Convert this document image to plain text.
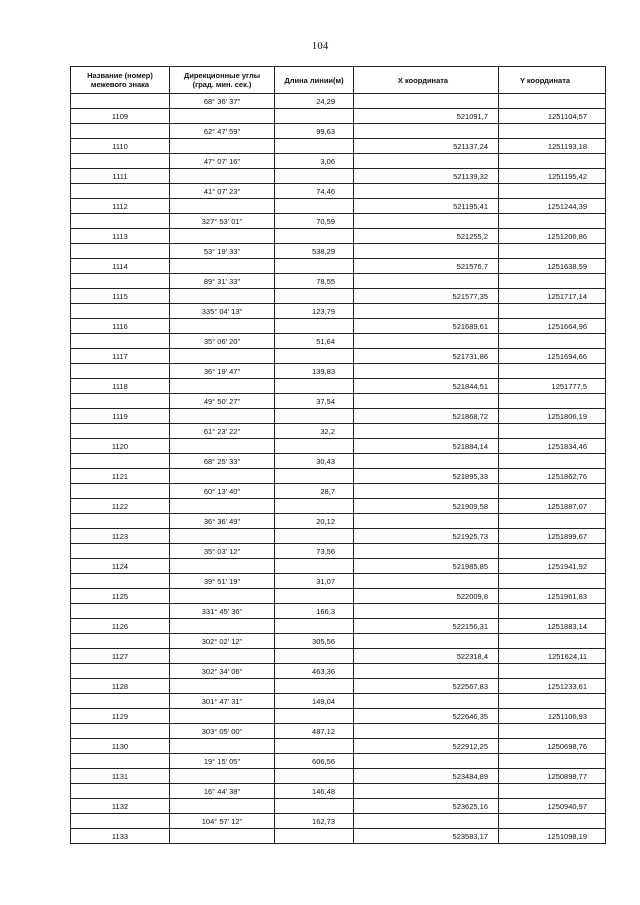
104
Название (номер) межевого знака	Дирекционные углы (град. мин. сек.)	Длина линии(м)	X координата	Y координата
	68° 36' 37"	24,29		
1109			521091,7	1251104,57
	62° 47' 59"	99,63		
1110			521137,24	1251193,18
	47° 07' 16"	3,06		
1111			521139,32	1251195,42
	41° 07' 23"	74,46		
1112			521195,41	1251244,39
	327° 53' 01"	70,59		
1113			521255,2	1251206,86
	53° 19' 33"	538,29		
1114			521576,7	1251638,59
	89° 31' 33"	78,55		
1115			521577,35	1251717,14
	335° 04' 13"	123,79		
1116			521689,61	1251664,96
	35° 06' 20"	51,64		
1117			521731,86	1251694,66
	36° 19' 47"	139,83		
1118			521844,51	1251777,5
	49° 50' 27"	37,54		
1119			521868,72	1251806,19
	61° 23' 22"	32,2		
1120			521884,14	1251834,46
	68° 25' 33"	30,43		
1121			521895,33	1251862,76
	60° 13' 40"	28,7		
1122			521909,58	1251887,07
	36° 36' 49"	20,12		
1123			521925,73	1251899,67
	35° 03' 12"	73,56		
1124			521985,85	1251941,92
	39° 51' 19"	31,07		
1125			522009,8	1251961,83
	331° 45' 36"	166,3		
1126			522156,31	1251883,14
	302° 02' 12"	305,56		
1127			522318,4	1251624,11
	302° 34' 06"	463,36		
1128			522567,83	1251233,61
	301° 47' 31"	149,04		
1129			522646,35	1251106,93
	303° 05' 00"	487,12		
1130			522912,25	1250698,76
	19° 15' 05"	606,56		
1131			523484,89	1250898,77
	16° 44' 38"	146,48		
1132			523625,16	1250940,97
	104° 57' 12"	162,73		
1133			523583,17	1251098,19
